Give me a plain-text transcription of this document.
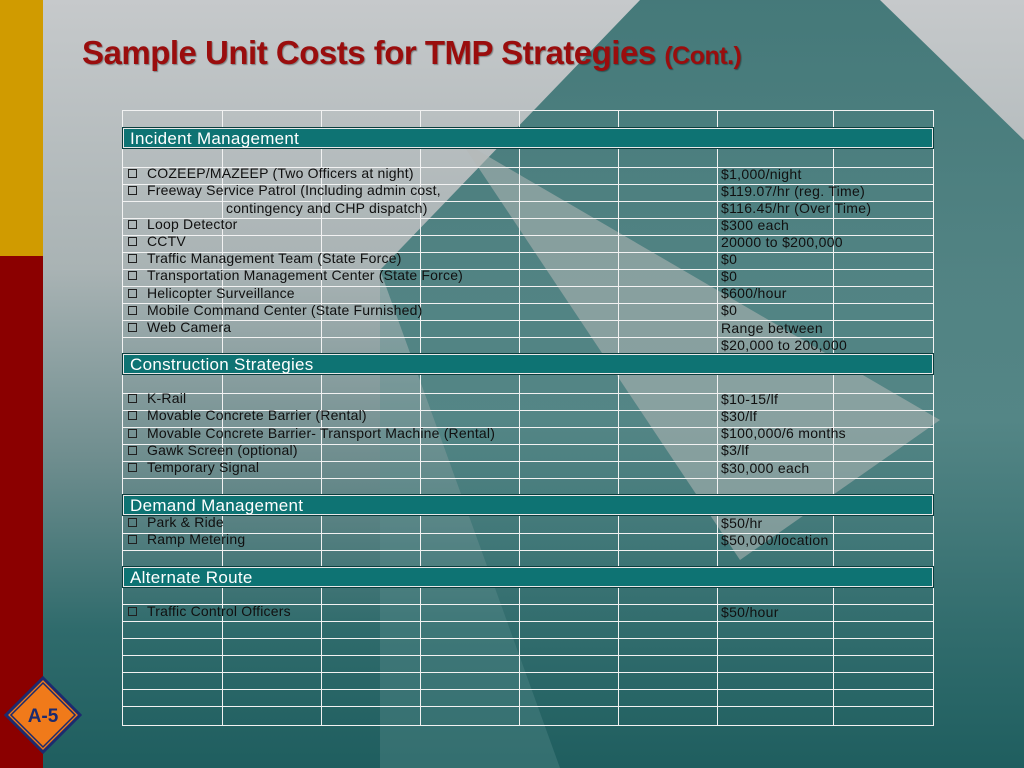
Sample Unit Costs for TMP Strategies (Cont.)
Incident Management
COZEEP/MAZEEP (Two Officers at night)	$1,000/night
Freeway Service Patrol (Including admin cost,	$119.07/hr (reg. Time)
contingency and CHP dispatch)	$116.45/hr (Over Time)
Loop Detector	$300 each
CCTV	20000 to $200,000
Traffic Management Team (State Force)	$0
Transportation Management Center (State Force)	$0
Helicopter Surveillance	$600/hour
Mobile Command Center (State Furnished)	$0
Web Camera	Range between
$20,000 to 200,000
Construction Strategies
K-Rail	$10-15/lf
Movable Concrete Barrier (Rental)	$30/lf
Movable Concrete Barrier- Transport Machine (Rental)	$100,000/6 months
Gawk Screen (optional)	$3/lf
Temporary Signal	$30,000 each
Demand Management
Park & Ride	$50/hr
Ramp Metering	$50,000/location
Alternate Route
Traffic Control Officers	$50/hour
A-5
